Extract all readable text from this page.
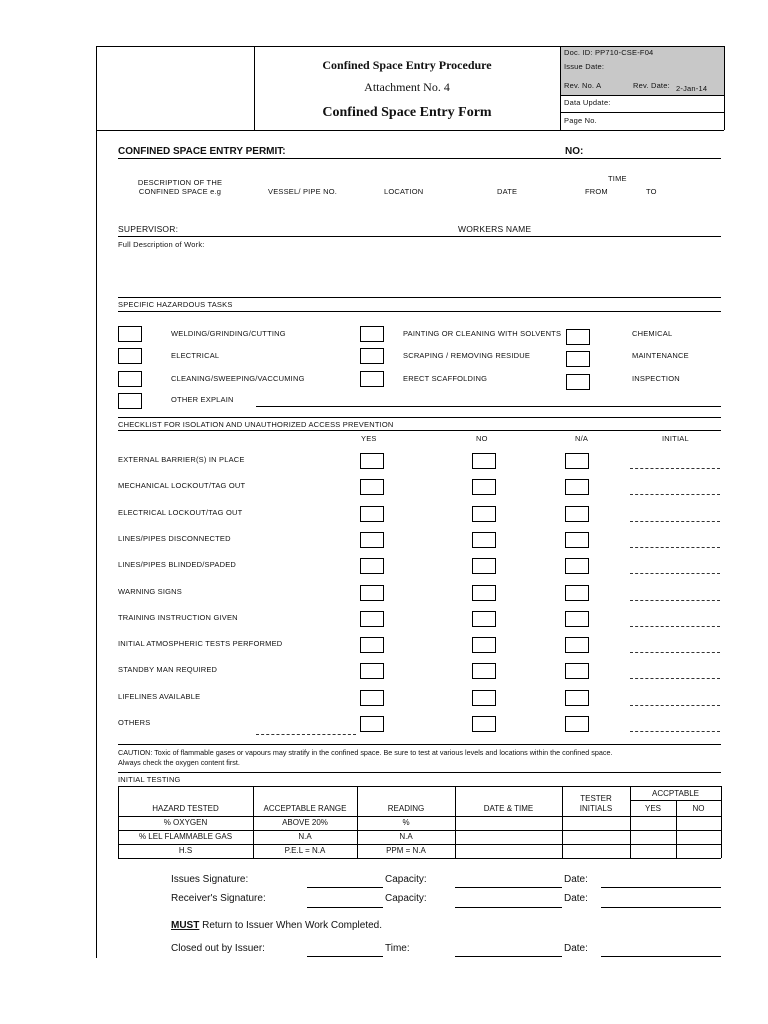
Confined Space Entry Procedure
Attachment No. 4
Confined Space Entry Form
Doc. ID: PP710-CSE-F04
Issue Date:
Rev. No. A	Rev. Date: 2-Jan-14
Data Update:
Page No.
CONFINED SPACE ENTRY PERMIT:	NO:
DESCRIPTION OF THE
CONFINED SPACE e.g	VESSEL/ PIPE NO.	LOCATION	DATE
TIME
FROM	TO
SUPERVISOR:	WORKERS NAME
Full Description of Work:
SPECIFIC HAZARDOUS TASKS
WELDING/GRINDING/CUTTING
ELECTRICAL
CLEANING/SWEEPING/VACCUMING
OTHER EXPLAIN
PAINTING OR CLEANING WITH SOLVENTS
SCRAPING / REMOVING RESIDUE
ERECT SCAFFOLDING
CHEMICAL
MAINTENANCE
INSPECTION
CHECKLIST FOR ISOLATION AND UNAUTHORIZED ACCESS PREVENTION
YES	NO	N/A	INITIAL
EXTERNAL BARRIER(S) IN PLACE
MECHANICAL LOCKOUT/TAG OUT
ELECTRICAL LOCKOUT/TAG OUT
LINES/PIPES DISCONNECTED
LINES/PIPES BLINDED/SPADED
WARNING SIGNS
TRAINING INSTRUCTION GIVEN
INITIAL ATMOSPHERIC TESTS PERFORMED
STANDBY MAN REQUIRED
LIFELINES AVAILABLE
OTHERS
CAUTION: Toxic of flammable gases or vapours may stratify in the confined space. Be sure to test at various levels and locations within the confined space.
Always check the oxygen content first.
INITIAL TESTING
HAZARD TESTED	ACCEPTABLE RANGE	READING	DATE & TIME
TESTER
INITIALS
ACCPTABLE
YES	NO
% OXYGEN	ABOVE 20%	%
% LEL FLAMMABLE GAS	N.A	N.A
H.S	P.E.L = N.A	PPM = N.A
Issues Signature:	Capacity:	Date:
Receiver's Signature:	Capacity:	Date:
MUST Return to Issuer When Work Completed.
Closed out by Issuer:	Time:	Date:
